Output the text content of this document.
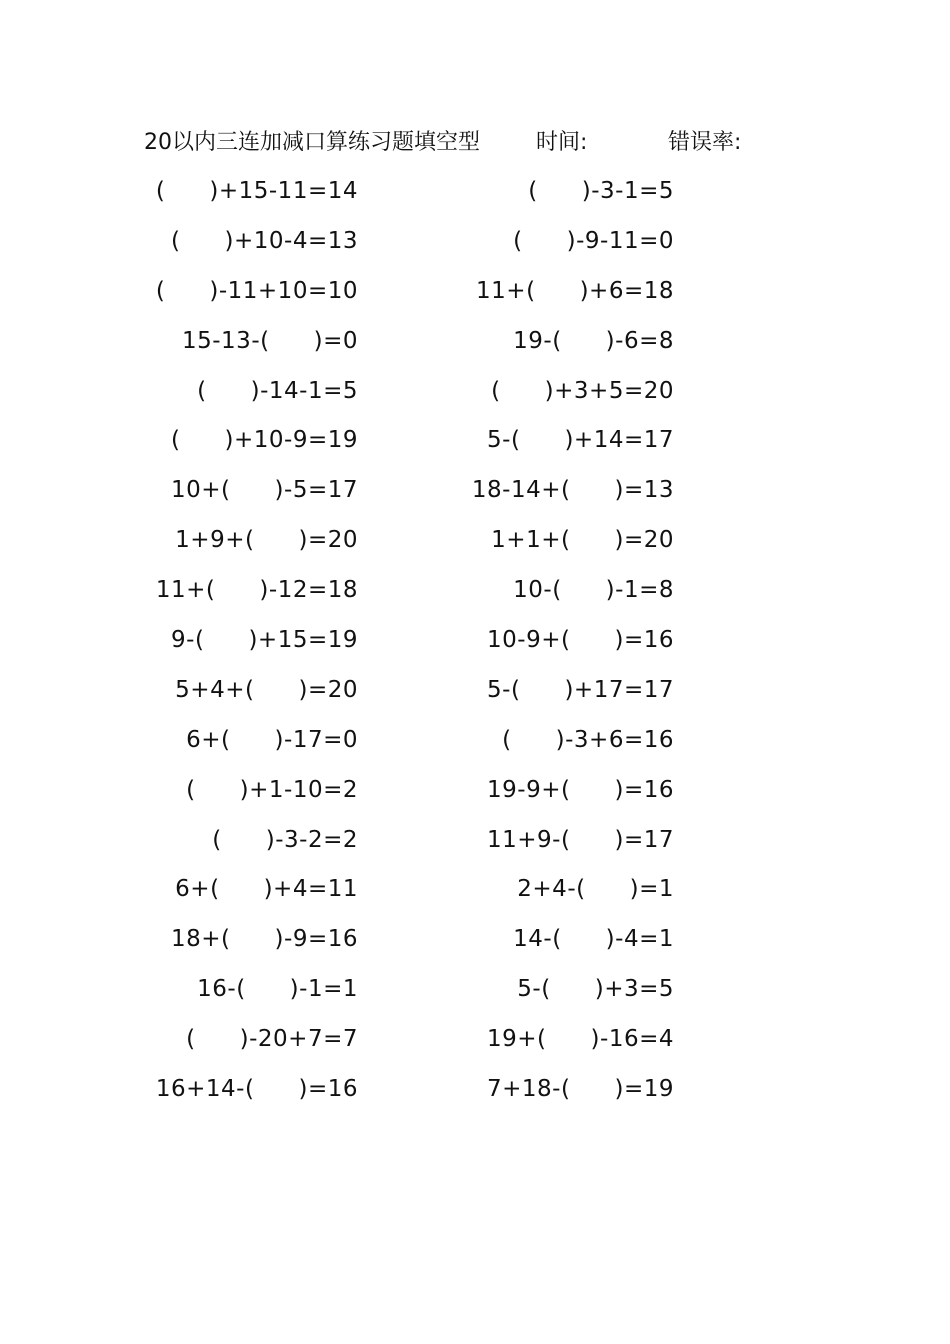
20以内三连加减口算练习题填空型	时间:	错误率:
( )+15-11=14	( )-3-1=5
( )+10-4=13	( )-9-11=0
( )-11+10=10	11+( )+6=18
15-13-( )=0	19-( )-6=8
( )-14-1=5	( )+3+5=20
( )+10-9=19	5-( )+14=17
10+( )-5=17	18-14+( )=13
1+9+( )=20	1+1+( )=20
11+( )-12=18	10-( )-1=8
9-( )+15=19	10-9+( )=16
5+4+( )=20	5-( )+17=17
6+( )-17=0	( )-3+6=16
( )+1-10=2	19-9+( )=16
( )-3-2=2	11+9-( )=17
6+( )+4=11	2+4-( )=1
18+( )-9=16	14-( )-4=1
16-( )-1=1	5-( )+3=5
( )-20+7=7	19+( )-16=4
16+14-( )=16	7+18-( )=19
